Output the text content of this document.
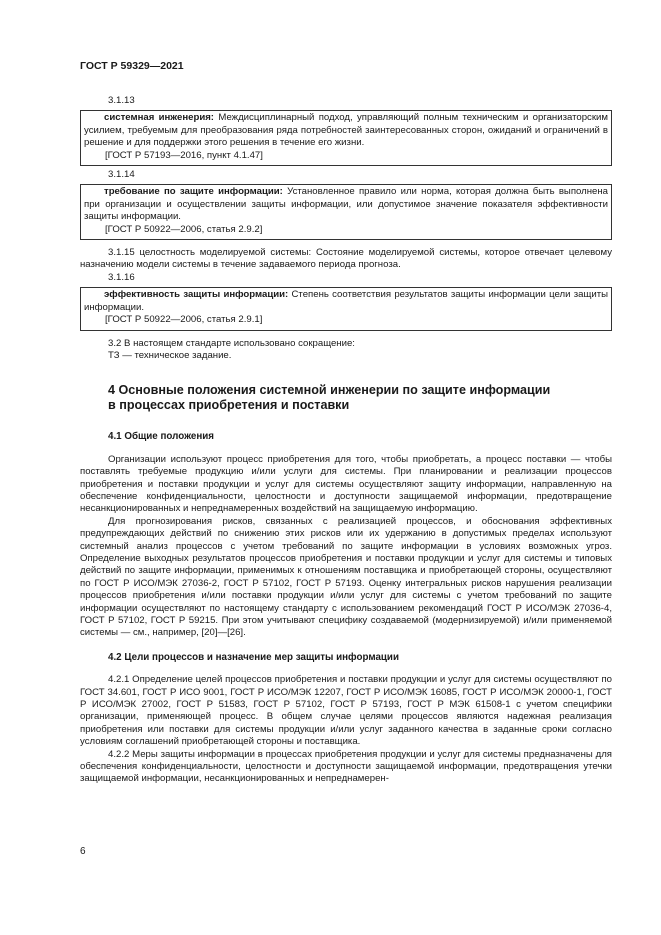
ГОСТ Р 59329—2021
3.1.13
системная инженерия: Междисциплинарный подход, управляющий полным техническим и организаторским усилием, требуемым для преобразования ряда потребностей заинтересованных сторон, ожиданий и ограничений в решение и для поддержки этого решения в течение его жизни.
[ГОСТ Р 57193—2016, пункт 4.1.47]
3.1.14
требование по защите информации: Установленное правило или норма, которая должна быть выполнена при организации и осуществлении защиты информации, или допустимое значение показателя эффективности защиты информации.
[ГОСТ Р 50922—2006, статья 2.9.2]

3.1.15 целостность моделируемой системы: Состояние моделируемой системы, которое отвечает целевому назначению модели системы в течение задаваемого периода прогноза.

3.1.16
эффективность защиты информации: Степень соответствия результатов защиты информации цели защиты информации.
[ГОСТ Р 50922—2006, статья 2.9.1]

3.2 В настоящем стандарте использовано сокращение:

ТЗ — техническое задание.

4 Основные положения системной инженерии по защите информации
в процессах приобретения и поставки
4.1 Общие положения

Организации используют процесс приобретения для того, чтобы приобретать, а процесс поставки — чтобы поставлять требуемые продукцию и/или услуги для системы. При планировании и реализации процессов приобретения и поставки продукции и услуг для системы осуществляют защиту информации, направленную на обеспечение конфиденциальности, целостности и доступности защищаемой информации, предотвращение несанкционированных и непреднамеренных воздействий на защищаемую информацию.

Для прогнозирования рисков, связанных с реализацией процессов, и обоснования эффективных предупреждающих действий по снижению этих рисков или их удержанию в допустимых пределах используют системный анализ процессов с учетом требований по защите информации в условиях возможных угроз. Определение выходных результатов процессов приобретения и поставки продукции и услуг для системы и типовых действий по защите информации, применимых к отношениям поставщика и приобретающей стороны, осуществляют по ГОСТ Р ИСО/МЭК 27036-2, ГОСТ Р 57102, ГОСТ Р 57193. Оценку интегральных рисков нарушения реализации процессов приобретения и/или поставки продукции и/или услуг для системы с учетом требований по защите информации осуществляют по настоящему стандарту с использованием рекомендаций ГОСТ Р ИСО/МЭК 27036-4, ГОСТ Р 57102, ГОСТ Р 59215. При этом учитывают специфику создаваемой (модернизируемой) и/или применяемой системы — см., например, [20]—[26].

4.2 Цели процессов и назначение мер защиты информации

4.2.1 Определение целей процессов приобретения и поставки продукции и услуг для системы осуществляют по ГОСТ 34.601, ГОСТ Р ИСО 9001, ГОСТ Р ИСО/МЭК 12207, ГОСТ Р ИСО/МЭК 16085, ГОСТ Р ИСО/МЭК 20000-1, ГОСТ Р ИСО/МЭК 27002, ГОСТ Р 51583, ГОСТ Р 57102, ГОСТ Р 57193, ГОСТ Р МЭК 61508-1 с учетом специфики организации, применяющей процесс. В общем случае целями процессов являются надежная реализация приобретения или поставки для системы продукции и/или услуг заданного качества в заданные сроки согласно условиям соглашений приобретающей стороны и поставщика.

4.2.2 Меры защиты информации в процессах приобретения продукции и услуг для системы предназначены для обеспечения конфиденциальности, целостности и доступности защищаемой информации, предотвращения утечки защищаемой информации, несанкционированных и непреднамерен-

6
